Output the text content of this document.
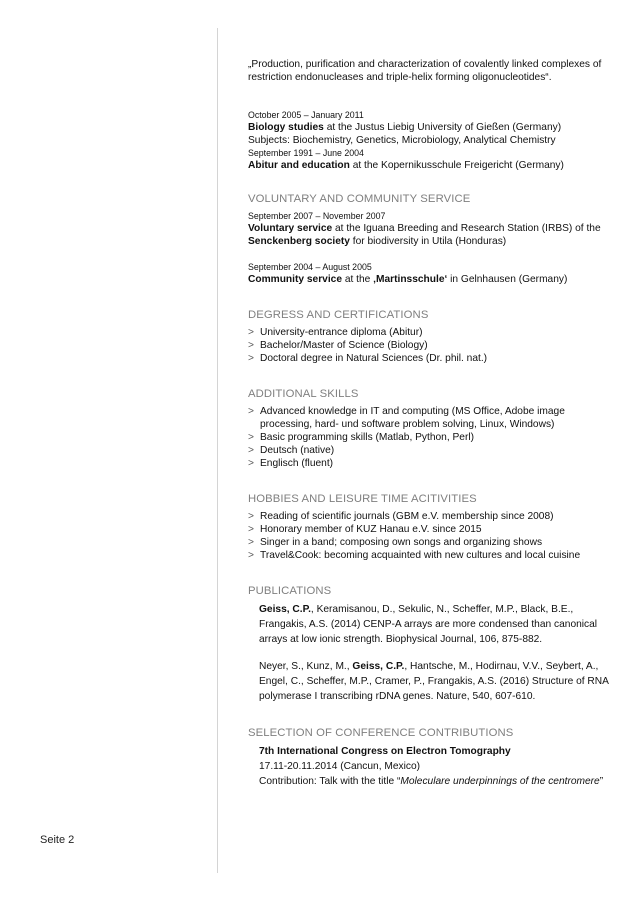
„Production, purification and characterization of covalently linked complexes of restriction endonucleases and triple-helix forming oligonucleotides“.

October 2005 – January 2011

Biology studies at the Justus Liebig University of Gießen (Germany)

Subjects: Biochemistry, Genetics, Microbiology, Analytical Chemistry

September 1991 – June 2004

Abitur and education at the Kopernikusschule Freigericht (Germany)

VOLUNTARY AND COMMUNITY SERVICE

September 2007 – November 2007

Voluntary service at the Iguana Breeding and Research Station (IRBS) of the Senckenberg society for biodiversity in Utila (Honduras)

September 2004 – August 2005

Community service at the ‚Martinsschule‘ in Gelnhausen (Germany)

DEGRESS AND CERTIFICATIONS

> University-entrance diploma (Abitur)
> Bachelor/Master of Science (Biology)
> Doctoral degree in Natural Sciences (Dr. phil. nat.)

ADDITIONAL SKILLS

> Advanced knowledge in IT and computing (MS Office, Adobe image processing, hard- und software problem solving, Linux, Windows)
> Basic programming skills (Matlab, Python, Perl)
> Deutsch (native)
> Englisch (fluent)

HOBBIES AND LEISURE TIME ACITIVITIES

> Reading of scientific journals (GBM e.V. membership since 2008)
> Honorary member of KUZ Hanau e.V. since 2015
> Singer in a band; composing own songs and organizing shows
> Travel&Cook: becoming acquainted with new cultures and local cuisine

PUBLICATIONS

Geiss, C.P., Keramisanou, D., Sekulic, N., Scheffer, M.P., Black, B.E., Frangakis, A.S. (2014) CENP-A arrays are more condensed than canonical arrays at low ionic strength. Biophysical Journal, 106, 875-882.

Neyer, S., Kunz, M., Geiss, C.P., Hantsche, M., Hodirnau, V.V., Seybert, A., Engel, C., Scheffer, M.P., Cramer, P., Frangakis, A.S. (2016) Structure of RNA polymerase I transcribing rDNA genes. Nature, 540, 607-610.

SELECTION OF CONFERENCE CONTRIBUTIONS

7th International Congress on Electron Tomography

17.11-20.11.2014 (Cancun, Mexico)

Contribution: Talk with the title “Moleculare underpinnings of the centromere”

Seite 2
